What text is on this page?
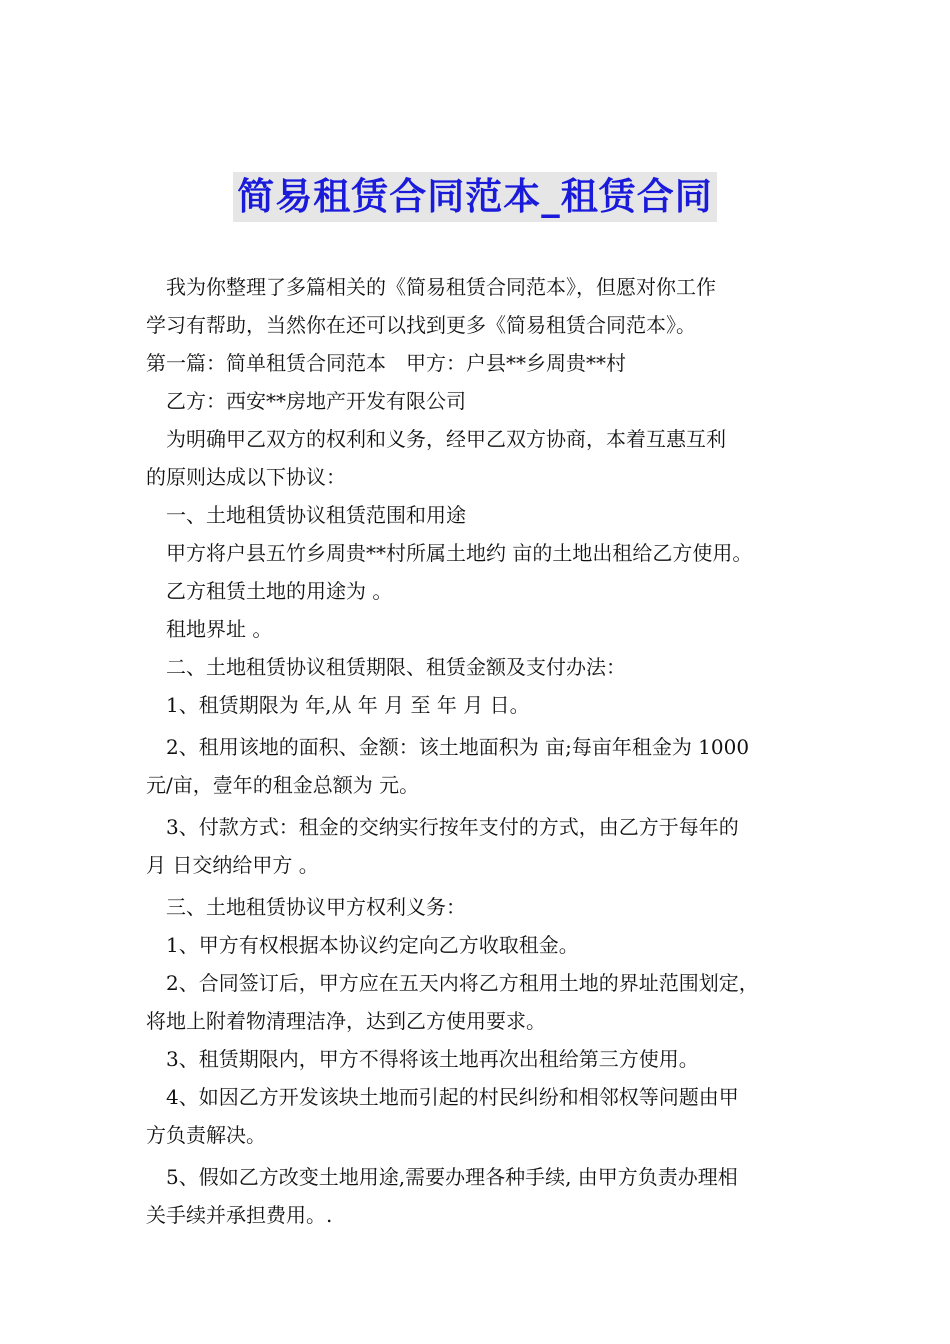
简易租赁合同范本_租赁合同

我为你整理了多篇相关的《简易租赁合同范本》，但愿对你工作

学习有帮助，当然你在还可以找到更多《简易租赁合同范本》。

第一篇：简单租赁合同范本　甲方：户县**乡周贵**村

乙方：西安**房地产开发有限公司

为明确甲乙双方的权利和义务，经甲乙双方协商，本着互惠互利

的原则达成以下协议：

一、土地租赁协议租赁范围和用途

甲方将户县五竹乡周贵**村所属土地约 亩的土地出租给乙方使用。

乙方租赁土地的用途为 。

租地界址 。

二、土地租赁协议租赁期限、租赁金额及支付办法：

1、租赁期限为 年,从 年 月 至 年 月 日。

2、租用该地的面积、金额：该土地面积为 亩;每亩年租金为 1000

元/亩，壹年的租金总额为 元。

3、付款方式：租金的交纳实行按年支付的方式，由乙方于每年的

月 日交纳给甲方 。

三、土地租赁协议甲方权利义务：

1、甲方有权根据本协议约定向乙方收取租金。

2、合同签订后，甲方应在五天内将乙方租用土地的界址范围划定，

将地上附着物清理洁净，达到乙方使用要求。

3、租赁期限内，甲方不得将该土地再次出租给第三方使用。

4、如因乙方开发该块土地而引起的村民纠纷和相邻权等问题由甲

方负责解决。

5、假如乙方改变土地用途,需要办理各种手续, 由甲方负责办理相

关手续并承担费用。.
